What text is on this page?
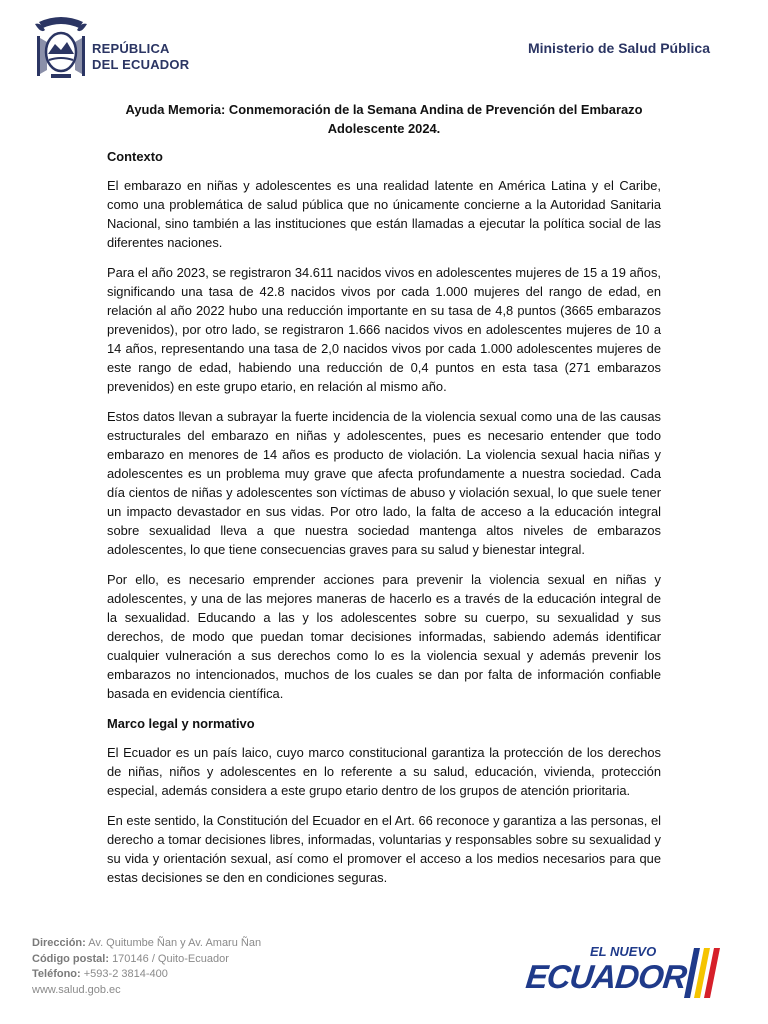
REPÚBLICA
DEL ECUADOR
Ministerio de Salud Pública
Ayuda Memoria: Conmemoración de la Semana Andina de Prevención del Embarazo
Adolescente 2024.
Contexto

El embarazo en niñas y adolescentes es una realidad latente en América Latina y el Caribe, como una problemática de salud pública que no únicamente concierne a la Autoridad Sanitaria Nacional, sino también a las instituciones que están llamadas a ejecutar la política social de las diferentes naciones.

Para el año 2023, se registraron 34.611 nacidos vivos en adolescentes mujeres de 15 a 19 años, significando una tasa de 42.8 nacidos vivos por cada 1.000 mujeres del rango de edad, en relación al año 2022 hubo una reducción importante en su tasa de 4,8 puntos (3665 embarazos prevenidos), por otro lado, se registraron 1.666 nacidos vivos en adolescentes mujeres de 10 a 14 años, representando una tasa de 2,0 nacidos vivos por cada 1.000 adolescentes mujeres de este rango de edad, habiendo una reducción de 0,4 puntos en esta tasa (271 embarazos prevenidos) en este grupo etario, en relación al mismo año.

Estos datos llevan a subrayar la fuerte incidencia de la violencia sexual como una de las causas estructurales del embarazo en niñas y adolescentes, pues es necesario entender que todo embarazo en menores de 14 años es producto de violación. La violencia sexual hacia niñas y adolescentes es un problema muy grave que afecta profundamente a nuestra sociedad. Cada día cientos de niñas y adolescentes son víctimas de abuso y violación sexual, lo que suele tener un impacto devastador en sus vidas. Por otro lado, la falta de acceso a la educación integral sobre sexualidad lleva a que nuestra sociedad mantenga altos niveles de embarazos adolescentes, lo que tiene consecuencias graves para su salud y bienestar integral.

Por ello, es necesario emprender acciones para prevenir la violencia sexual en niñas y adolescentes, y una de las mejores maneras de hacerlo es a través de la educación integral de la sexualidad. Educando a las y los adolescentes sobre su cuerpo, su sexualidad y sus derechos, de modo que puedan tomar decisiones informadas, sabiendo además identificar cualquier vulneración a sus derechos como lo es la violencia sexual y además prevenir los embarazos no intencionados, muchos de los cuales se dan por falta de información confiable basada en evidencia científica.

Marco legal y normativo

El Ecuador es un país laico, cuyo marco constitucional garantiza la protección de los derechos de niñas, niños y adolescentes en lo referente a su salud, educación, vivienda, protección especial, además considera a este grupo etario dentro de los grupos de atención prioritaria.

En este sentido, la Constitución del Ecuador en el Art. 66 reconoce y garantiza a las personas, el derecho a tomar decisiones libres, informadas, voluntarias y responsables sobre su sexualidad y su vida y orientación sexual, así como el promover el acceso a los medios necesarios para que estas decisiones se den en condiciones seguras.

Dirección: Av. Quitumbe Ñan y Av. Amaru Ñan
Código postal: 170146 / Quito-Ecuador
Teléfono: +593-2 3814-400
www.salud.gob.ec
EL NUEVO
ECUADOR
